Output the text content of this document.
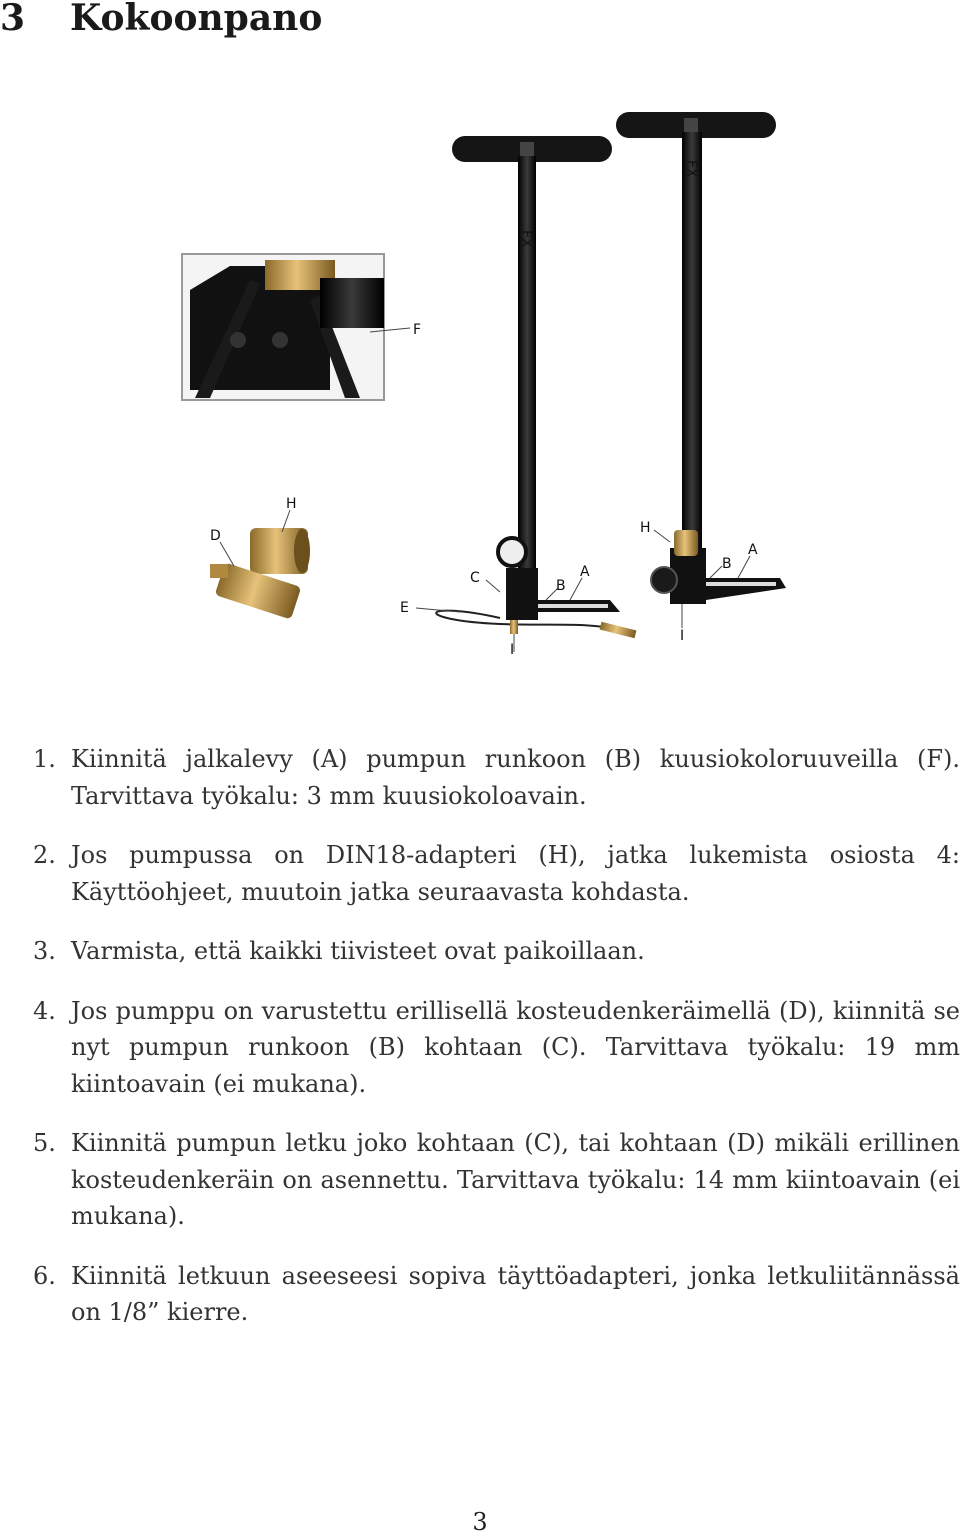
3 Kokoonpano
F
H
D
FX
C	B
A
E
I
FX
H
B
A
I
1. Kiinnitä jalkalevy (A) pumpun runkoon (B) kuusiokoloruuveilla (F). Tarvittava työkalu: 3 mm kuusiokoloavain.
2. Jos pumpussa on DIN18-adapteri (H), jatka lukemista osiosta 4: Käyttöohjeet, muutoin jatka seuraavasta kohdasta.
3. Varmista, että kaikki tiivisteet ovat paikoillaan.
4. Jos pumppu on varustettu erillisellä kosteudenkeräimellä (D), kiinnitä se nyt pumpun runkoon (B) kohtaan (C). Tarvittava työkalu: 19 mm kiintoavain (ei mukana).
5. Kiinnitä pumpun letku joko kohtaan (C), tai kohtaan (D) mikäli erillinen kosteudenkeräin on asennettu. Tarvittava työkalu: 14 mm kiintoavain (ei mukana).
6. Kiinnitä letkuun aseeseesi sopiva täyttöadapteri, jonka letkuliitännässä on 1/8” kierre.
3
